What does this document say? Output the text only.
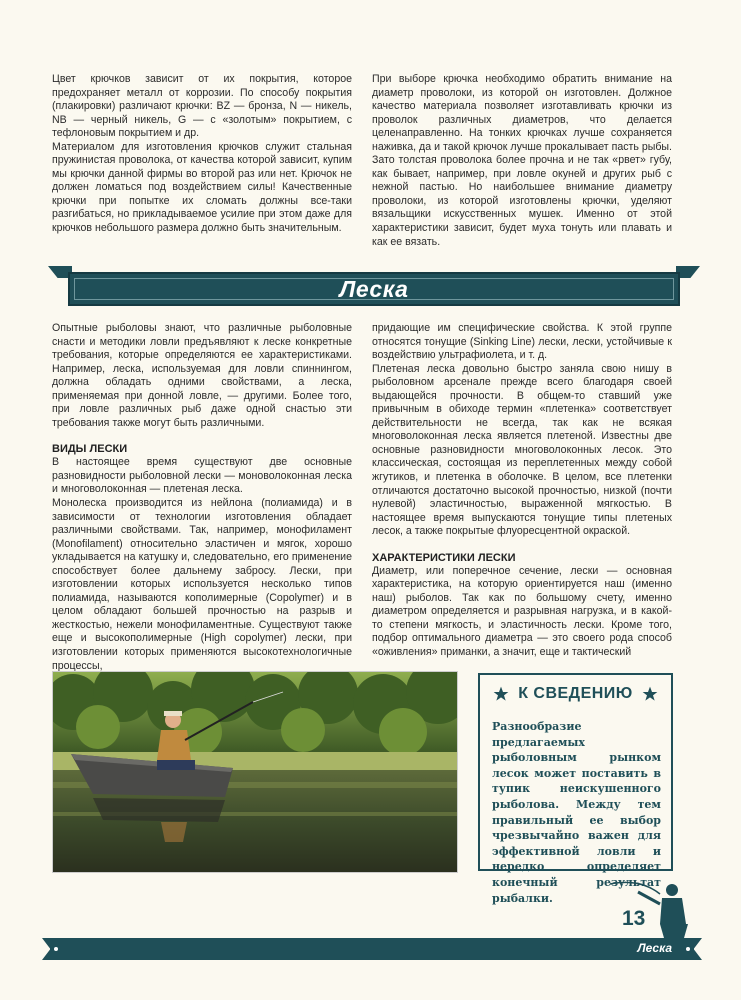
Цвет крючков зависит от их покрытия, которое предохраняет металл от коррозии. По способу покрытия (плакировки) различают крючки: BZ — бронза, N — никель, NB — черный никель, G — с «золотым» покрытием, с тефлоновым покрытием и др.

Материалом для изготовления крючков служит стальная пружинистая проволока, от качества которой зависит, купим мы крючки данной фирмы во второй раз или нет. Крючок не должен ломаться под воздействием силы! Качественные крючки при попытке их сломать должны все-таки разгибаться, но прикладываемое усилие при этом даже для крючков небольшого размера должно быть значительным.

При выборе крючка необходимо обратить внимание на диаметр проволоки, из которой он изготовлен. Должное качество материала позволяет изготавливать крючки из проволок различных диаметров, что делается целенаправленно. На тонких крючках лучше сохраняется наживка, да и такой крючок лучше прокалывает пасть рыбы. Зато толстая проволока более прочна и не так «рвет» губу, как бывает, например, при ловле окуней и других рыб с нежной пастью. Но наибольшее внимание диаметру проволоки, из которой изготовлены крючки, уделяют вязальщики искусственных мушек. Именно от этой характеристики зависит, будет муха тонуть или плавать и как ее вязать.

Леска

Опытные рыболовы знают, что различные рыболовные снасти и методики ловли предъявляют к леске конкретные требования, которые определяются ее характеристиками. Например, леска, используемая для ловли спиннингом, должна обладать одними свойствами, а леска, применяемая при донной ловле, — другими. Более того, при ловле различных рыб даже одной снастью эти требования также могут быть различными.

ВИДЫ ЛЕСКИ

В настоящее время существуют две основные разновидности рыболовной лески — моноволоконная леска и многоволоконная — плетеная леска.

Монолеска производится из нейлона (полиамида) и в зависимости от технологии изготовления обладает различными свойствами. Так, например, монофиламент (Monofilament) относительно эластичен и мягок, хорошо укладывается на катушку и, следовательно, его применение способствует более дальнему забросу. Лески, при изготовлении которых используется несколько типов полиамида, называются кополимерные (Copolymer) и в целом обладают большей прочностью на разрыв и жесткостью, нежели монофиламентные. Существуют также еще и высокополимерные (High copolymer) лески, при изготовлении которых применяются высокотехнологичные процессы,

придающие им специфические свойства. К этой группе относятся тонущие (Sinking Line) лески, лески, устойчивые к воздействию ультрафиолета, и т. д.

Плетеная леска довольно быстро заняла свою нишу в рыболовном арсенале прежде всего благодаря своей выдающейся прочности. В общем-то ставший уже привычным в обиходе термин «плетенка» соответствует действительности не всегда, так как не всякая многоволоконная леска является плетеной. Известны две основные разновидности многоволоконных лесок. Это классическая, состоящая из переплетенных между собой жгутиков, и плетенка в оболочке. В целом, все плетенки отличаются достаточно высокой прочностью, низкой (почти нулевой) эластичностью, выраженной мягкостью. В настоящее время выпускаются тонущие типы плетеных лесок, а также покрытые флуоресцентной окраской.

ХАРАКТЕРИСТИКИ ЛЕСКИ

Диаметр, или поперечное сечение, лески — основная характеристика, на которую ориентируется наш (именно наш) рыболов. Так как по большому счету, именно диаметром определяется и разрывная нагрузка, и в какой-то степени мягкость, и эластичность лески. Кроме того, подбор оптимального диаметра — это своего рода способ «оживления» приманки, а значит, еще и тактический

К СВЕДЕНИЮ
Разнообразие предлагаемых рыболовным рынком лесок может поставить в тупик неискушенного рыболова. Между тем правильный ее выбор чрезвычайно важен для эффективной ловли и нередко определяет конечный результат рыбалки.
13
Леска
